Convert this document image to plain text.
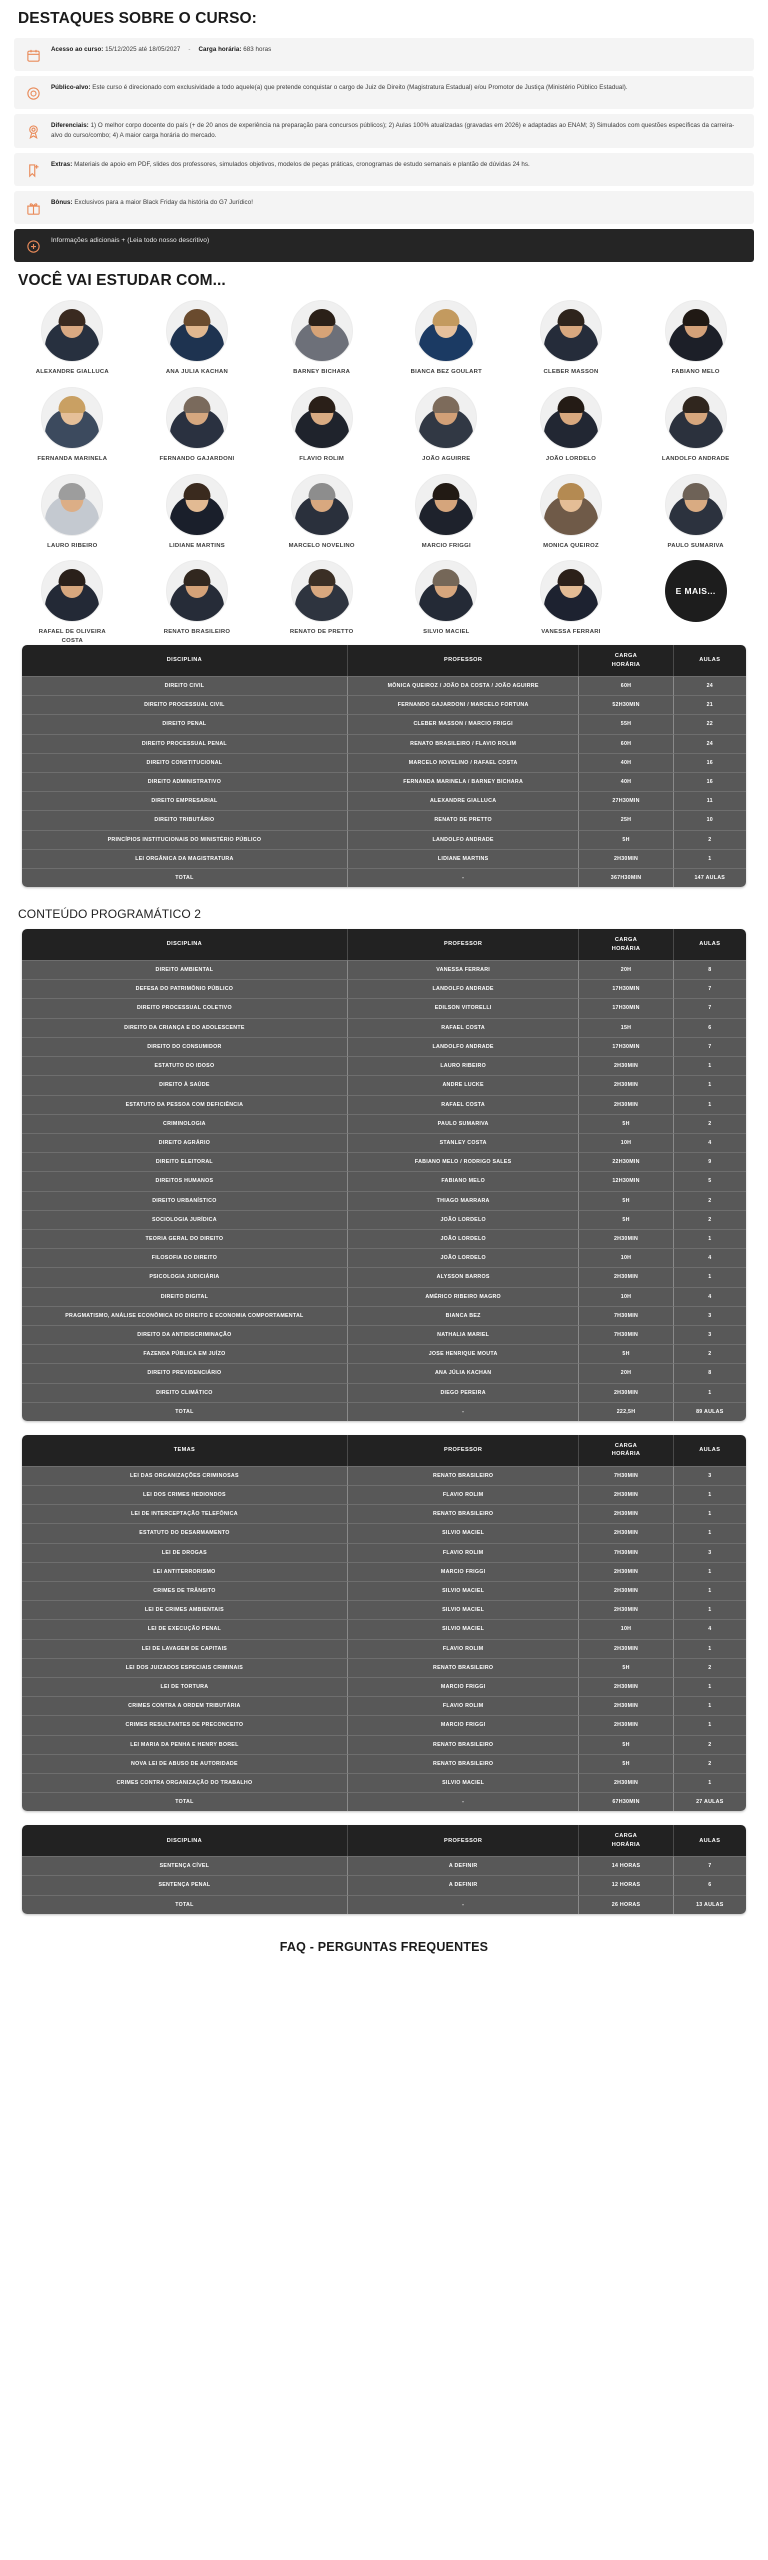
DESTAQUES SOBRE O CURSO:
Acesso ao curso: 15/12/2025 até 18/05/2027 - Carga horária: 683 horas
Público-alvo: Este curso é direcionado com exclusividade a todo aquele(a) que pretende conquistar o cargo de Juiz de Direito (Magistratura Estadual) e/ou Promotor de Justiça (Ministério Público Estadual).
Diferenciais: 1) O melhor corpo docente do país (+ de 20 anos de experiência na preparação para concursos públicos); 2) Aulas 100% atualizadas (gravadas em 2026) e adaptadas ao ENAM; 3) Simulados com questões específicas da carreira-alvo do curso/combo; 4) A maior carga horária do mercado.
Extras: Materiais de apoio em PDF, slides dos professores, simulados objetivos, modelos de peças práticas, cronogramas de estudo semanais e plantão de dúvidas 24 hs.
Bônus: Exclusivos para a maior Black Friday da história do G7 Jurídico!
Informações adicionais + (Leia todo nosso descritivo)
VOCÊ VAI ESTUDAR COM...
ALEXANDRE GIALLUCA	ANA JULIA KACHAN	BARNEY BICHARA	BIANCA BEZ GOULART	CLEBER MASSON	FABIANO MELO
FERNANDA MARINELA	FERNANDO GAJARDONI	FLAVIO ROLIM	JOÃO AGUIRRE	JOÃO LORDELO	LANDOLFO ANDRADE
LAURO RIBEIRO	LIDIANE MARTINS	MARCELO NOVELINO	MARCIO FRIGGI	MONICA QUEIROZ	PAULO SUMARIVA
RAFAEL DE OLIVEIRA COSTA
RENATO BRASILEIRO	RENATO DE PRETTO	SILVIO MACIEL	VANESSA FERRARI
E MAIS...
DISCIPLINA	PROFESSOR	CARGA
HORÁRIA	AULAS
DIREITO CIVIL	MÔNICA QUEIROZ / JOÃO DA COSTA / JOÃO AGUIRRE	60H	24
DIREITO PROCESSUAL CIVIL	FERNANDO GAJARDONI / MARCELO FORTUNA	52H30MIN	21
DIREITO PENAL	CLEBER MASSON / MARCIO FRIGGI	55H	22
DIREITO PROCESSUAL PENAL	RENATO BRASILEIRO / FLAVIO ROLIM	60H	24
DIREITO CONSTITUCIONAL	MARCELO NOVELINO / RAFAEL COSTA	40H	16
DIREITO ADMINISTRATIVO	FERNANDA MARINELA / BARNEY BICHARA	40H	16
DIREITO EMPRESARIAL	ALEXANDRE GIALLUCA	27H30MIN	11
DIREITO TRIBUTÁRIO	RENATO DE PRETTO	25H	10
PRINCÍPIOS INSTITUCIONAIS DO MINISTÉRIO PÚBLICO	LANDOLFO ANDRADE	5H	2
LEI ORGÂNICA DA MAGISTRATURA	LIDIANE MARTINS	2H30MIN	1
TOTAL	-	367H30MIN	147 AULAS
CONTEÚDO PROGRAMÁTICO 2
DISCIPLINA	PROFESSOR	CARGA
HORÁRIA	AULAS
DIREITO AMBIENTAL	VANESSA FERRARI	20H	8
DEFESA DO PATRIMÔNIO PÚBLICO	LANDOLFO ANDRADE	17H30MIN	7
DIREITO PROCESSUAL COLETIVO	EDILSON VITORELLI	17H30MIN	7
DIREITO DA CRIANÇA E DO ADOLESCENTE	RAFAEL COSTA	15H	6
DIREITO DO CONSUMIDOR	LANDOLFO ANDRADE	17H30MIN	7
ESTATUTO DO IDOSO	LAURO RIBEIRO	2H30MIN	1
DIREITO À SAÚDE	ANDRE LUCKE	2H30MIN	1
ESTATUTO DA PESSOA COM DEFICIÊNCIA	RAFAEL COSTA	2H30MIN	1
CRIMINOLOGIA	PAULO SUMARIVA	5H	2
DIREITO AGRÁRIO	STANLEY COSTA	10H	4
DIREITO ELEITORAL	FABIANO MELO / RODRIGO SALES	22H30MIN	9
DIREITOS HUMANOS	FABIANO MELO	12H30MIN	5
DIREITO URBANÍSTICO	THIAGO MARRARA	5H	2
SOCIOLOGIA JURÍDICA	JOÃO LORDELO	5H	2
TEORIA GERAL DO DIREITO	JOÃO LORDELO	2H30MIN	1
FILOSOFIA DO DIREITO	JOÃO LORDELO	10H	4
PSICOLOGIA JUDICIÁRIA	ALYSSON BARROS	2H30MIN	1
DIREITO DIGITAL	AMÉRICO RIBEIRO MAGRO	10H	4
PRAGMATISMO, ANÁLISE ECONÔMICA DO DIREITO E ECONOMIA COMPORTAMENTAL	BIANCA BEZ	7H30MIN	3
DIREITO DA ANTIDISCRIMINAÇÃO	NATHALIA MARIEL	7H30MIN	3
FAZENDA PÚBLICA EM JUÍZO	JOSE HENRIQUE MOUTA	5H	2
DIREITO PREVIDENCIÁRIO	ANA JÚLIA KACHAN	20H	8
DIREITO CLIMÁTICO	DIEGO PEREIRA	2H30MIN	1
TOTAL	-	222,5H	89 AULAS
TEMAS	PROFESSOR	CARGA
HORÁRIA	AULAS
LEI DAS ORGANIZAÇÕES CRIMINOSAS	RENATO BRASILEIRO	7H30MIN	3
LEI DOS CRIMES HEDIONDOS	FLAVIO ROLIM	2H30MIN	1
LEI DE INTERCEPTAÇÃO TELEFÔNICA	RENATO BRASILEIRO	2H30MIN	1
ESTATUTO DO DESARMAMENTO	SILVIO MACIEL	2H30MIN	1
LEI DE DROGAS	FLAVIO ROLIM	7H30MIN	3
LEI ANTITERRORISMO	MARCIO FRIGGI	2H30MIN	1
CRIMES DE TRÂNSITO	SILVIO MACIEL	2H30MIN	1
LEI DE CRIMES AMBIENTAIS	SILVIO MACIEL	2H30MIN	1
LEI DE EXECUÇÃO PENAL	SILVIO MACIEL	10H	4
LEI DE LAVAGEM DE CAPITAIS	FLAVIO ROLIM	2H30MIN	1
LEI DOS JUIZADOS ESPECIAIS CRIMINAIS	RENATO BRASILEIRO	5H	2
LEI DE TORTURA	MARCIO FRIGGI	2H30MIN	1
CRIMES CONTRA A ORDEM TRIBUTÁRIA	FLAVIO ROLIM	2H30MIN	1
CRIMES RESULTANTES DE PRECONCEITO	MARCIO FRIGGI	2H30MIN	1
LEI MARIA DA PENHA E HENRY BOREL	RENATO BRASILEIRO	5H	2
NOVA LEI DE ABUSO DE AUTORIDADE	RENATO BRASILEIRO	5H	2
CRIMES CONTRA ORGANIZAÇÃO DO TRABALHO	SILVIO MACIEL	2H30MIN	1
TOTAL	-	67H30MIN	27 AULAS
DISCIPLINA	PROFESSOR	CARGA
HORÁRIA	AULAS
SENTENÇA CÍVEL	A DEFINIR	14 HORAS	7
SENTENÇA PENAL	A DEFINIR	12 HORAS	6
TOTAL	-	26 HORAS	13 AULAS
FAQ - PERGUNTAS FREQUENTES
